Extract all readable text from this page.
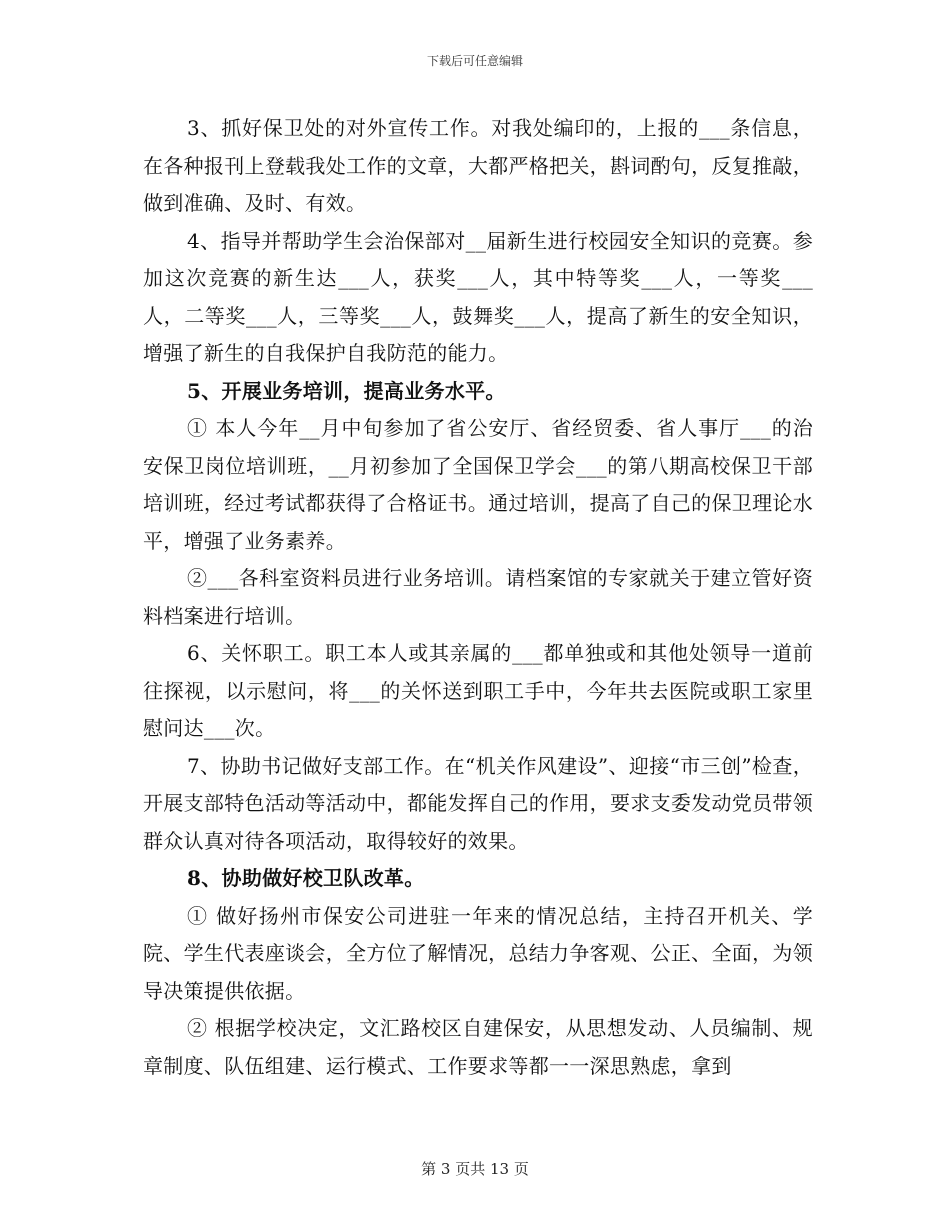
下载后可任意编辑

3、抓好保卫处的对外宣传工作。对我处编印的，上报的___条信息，在各种报刊上登载我处工作的文章，大都严格把关，斟词酌句，反复推敲，做到准确、及时、有效。

4、指导并帮助学生会治保部对__届新生进行校园安全知识的竞赛。参加这次竞赛的新生达___人，获奖___人，其中特等奖___人，一等奖___人，二等奖___人，三等奖___人，鼓舞奖___人，提高了新生的安全知识，增强了新生的自我保护自我防范的能力。

5、开展业务培训，提高业务水平。

① 本人今年__月中旬参加了省公安厅、省经贸委、省人事厅___的治安保卫岗位培训班，__月初参加了全国保卫学会___的第八期高校保卫干部培训班，经过考试都获得了合格证书。通过培训，提高了自己的保卫理论水平，增强了业务素养。

②___各科室资料员进行业务培训。请档案馆的专家就关于建立管好资料档案进行培训。

6、关怀职工。职工本人或其亲属的___都单独或和其他处领导一道前往探视，以示慰问，将___的关怀送到职工手中，今年共去医院或职工家里慰问达___次。

7、协助书记做好支部工作。在“机关作风建设”、迎接“市三创”检查，开展支部特色活动等活动中，都能发挥自己的作用，要求支委发动党员带领群众认真对待各项活动，取得较好的效果。

8、协助做好校卫队改革。

① 做好扬州市保安公司进驻一年来的情况总结，主持召开机关、学院、学生代表座谈会，全方位了解情况，总结力争客观、公正、全面，为领导决策提供依据。

② 根据学校决定，文汇路校区自建保安，从思想发动、人员编制、规章制度、队伍组建、运行模式、工作要求等都一一深思熟虑，拿到

第 3 页共 13 页
